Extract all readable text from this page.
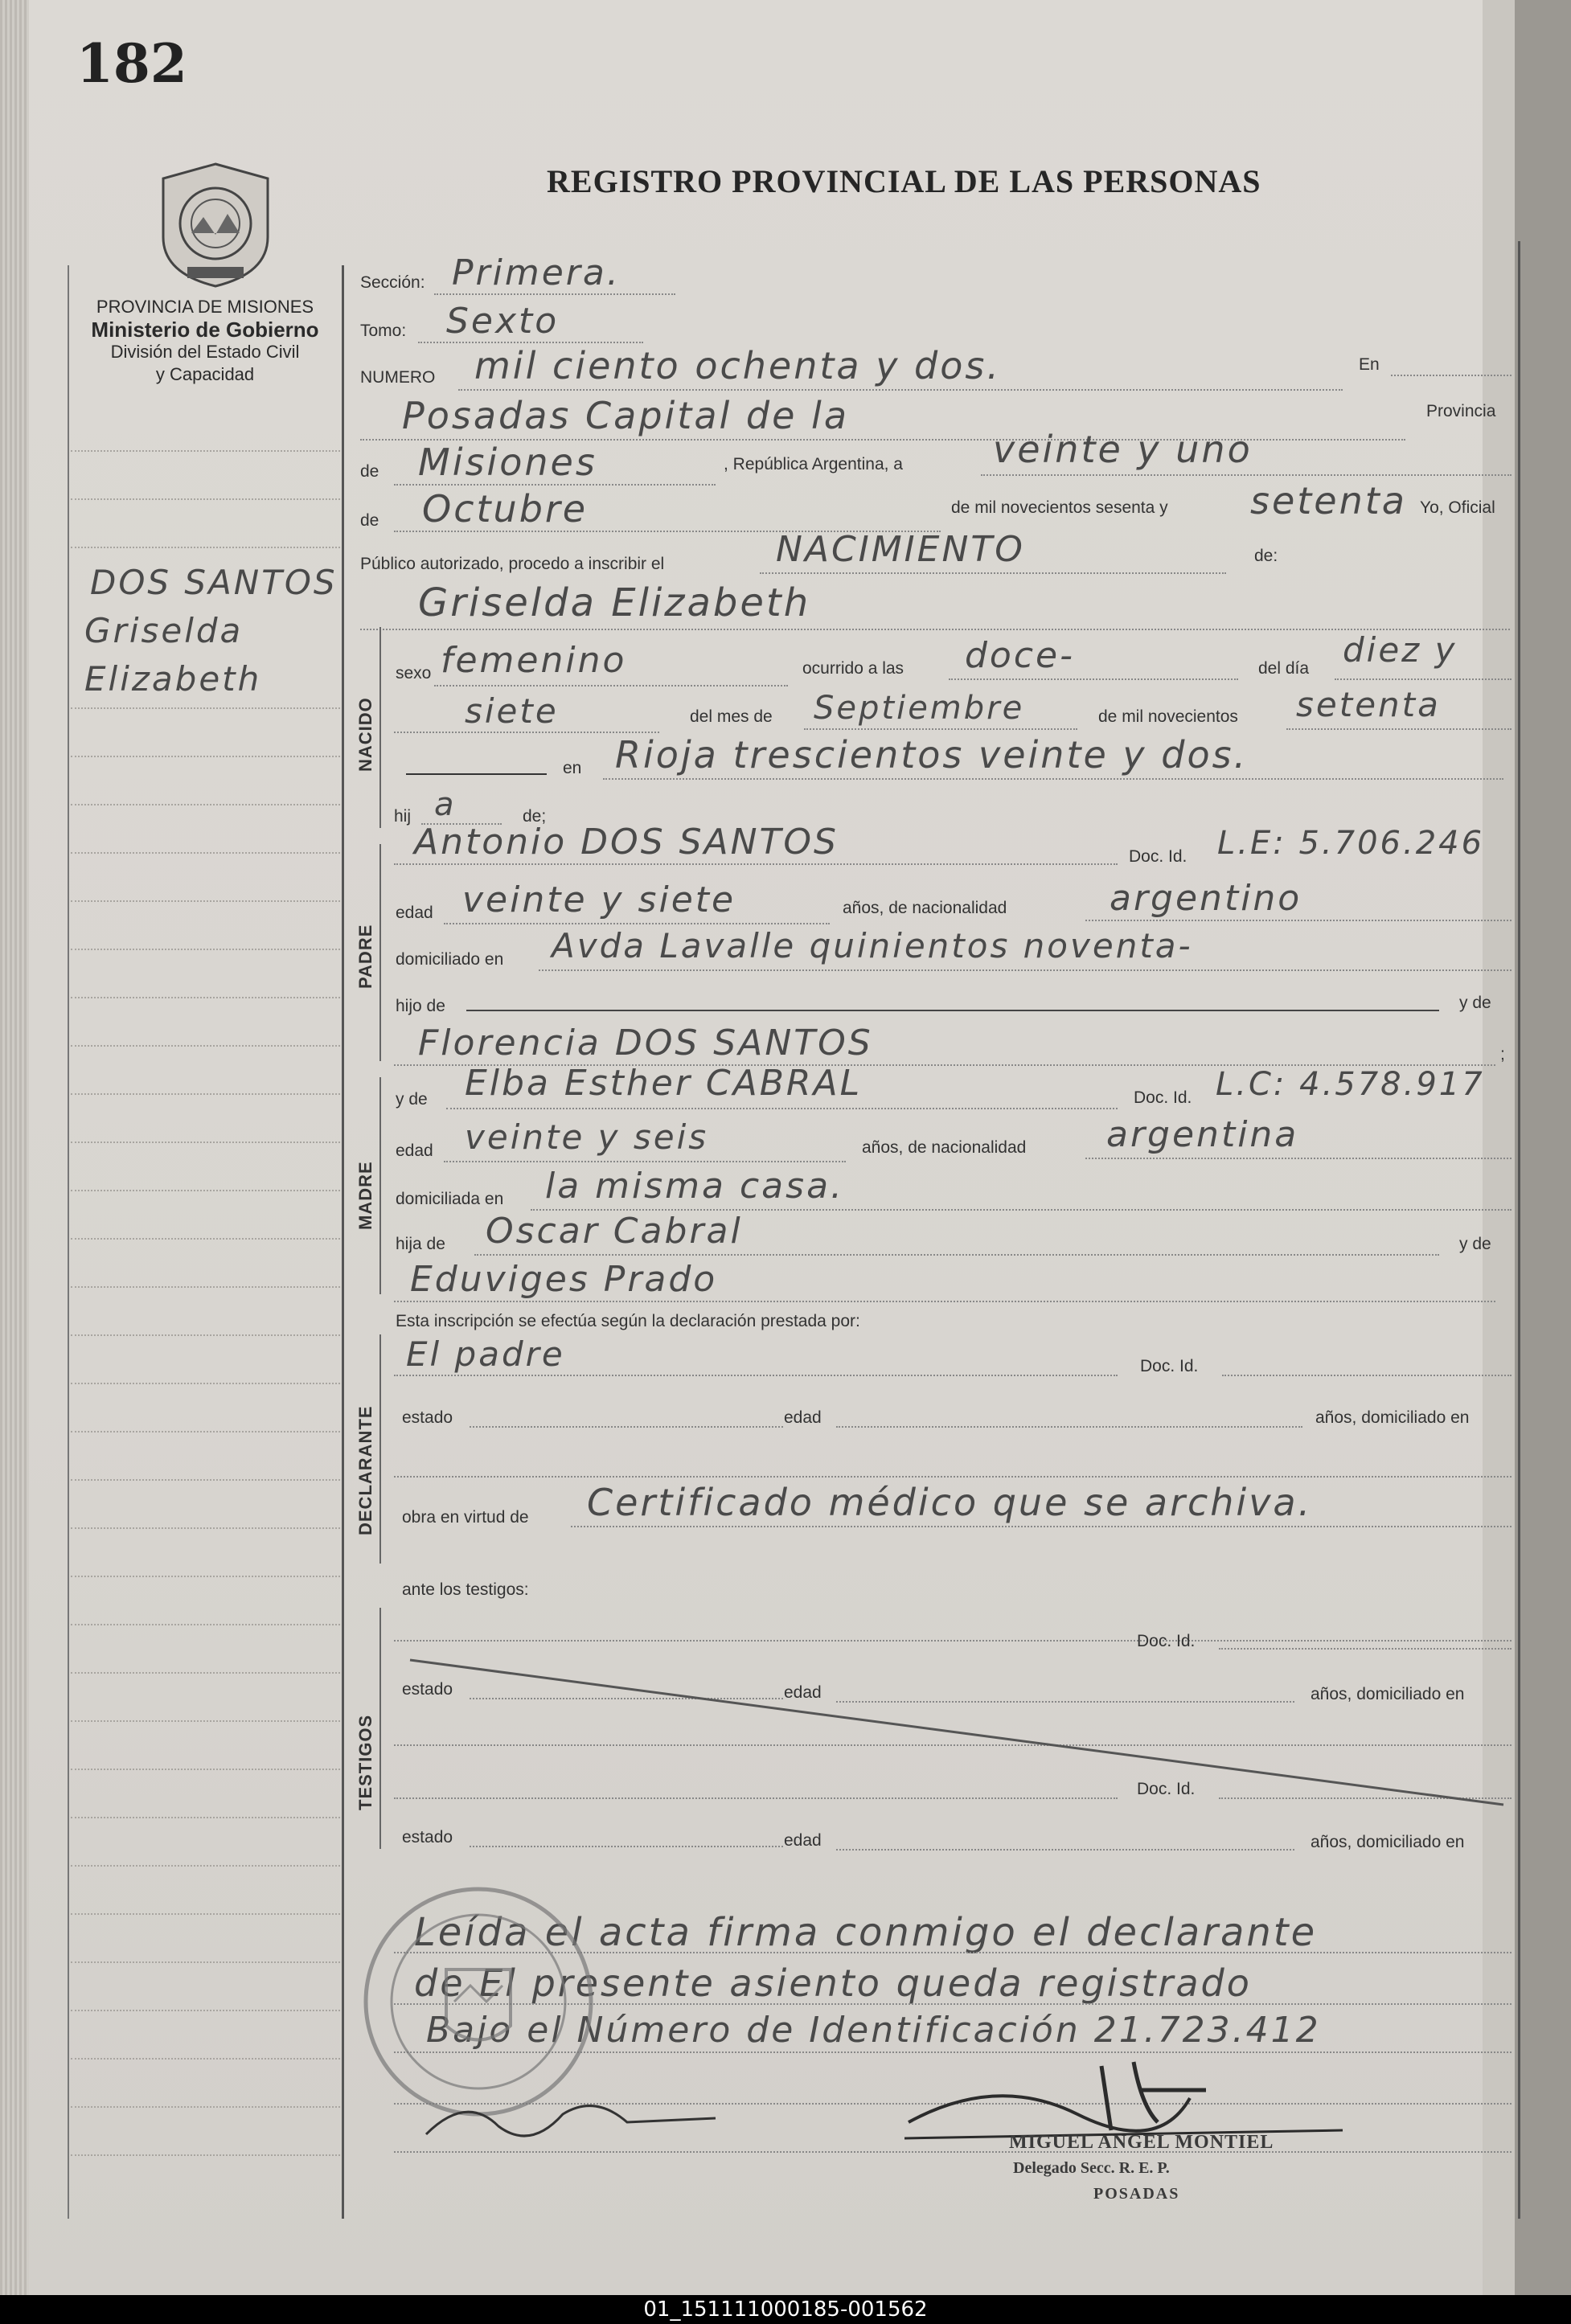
182
REGISTRO PROVINCIAL DE LAS PERSONAS
PROVINCIA DE MISIONES
Ministerio de Gobierno
División del Estado Civil
y Capacidad
DOS SANTOS
Griselda
Elizabeth
Sección: Primera.
Tomo: Sexto
NUMERO mil ciento ochenta y dos.	En
Posadas Capital de la	Provincia
de Misiones	, República Argentina, a veinte y uno
de Octubre	de mil novecientos sesenta y setenta Yo, Oficial
Público autorizado, procedo a inscribir el	NACIMIENTO	de:
Griselda Elizabeth
NACIDO
sexo femenino	ocurrido a las doce-	del día diez y
siete	del mes de Septiembre	de mil novecientos setenta
en Rioja trescientos veinte y dos.
hij a	de;
PADRE
Antonio DOS SANTOS	Doc. Id. L.E: 5.706.246
edad veinte y siete	años, de nacionalidad	argentino
domiciliado en Avda Lavalle quinientos noventa-
hijo de	y de
Florencia DOS SANTOS	;
MADRE
y de Elba Esther CABRAL	Doc. Id. L.C: 4.578.917
edad veinte y seis	años, de nacionalidad argentina
domiciliada en la misma casa.
hija de Oscar Cabral	y de
Eduviges Prado
Esta inscripción se efectúa según la declaración prestada por:
DECLARANTE
El padre	Doc. Id.
estado	edad	años, domiciliado en
obra en virtud de Certificado médico que se archiva.
ante los testigos:
TESTIGOS
Doc. Id.
estado	edad	años, domiciliado en
Doc. Id.
estado	edad	años, domiciliado en
Leída el acta firma conmigo el declarante
de El presente asiento queda registrado
Bajo el Número de Identificación 21.723.412
MIGUEL ANGEL MONTIEL
Delegado Secc. R. E. P.
POSADAS
01_151111000185-001562
